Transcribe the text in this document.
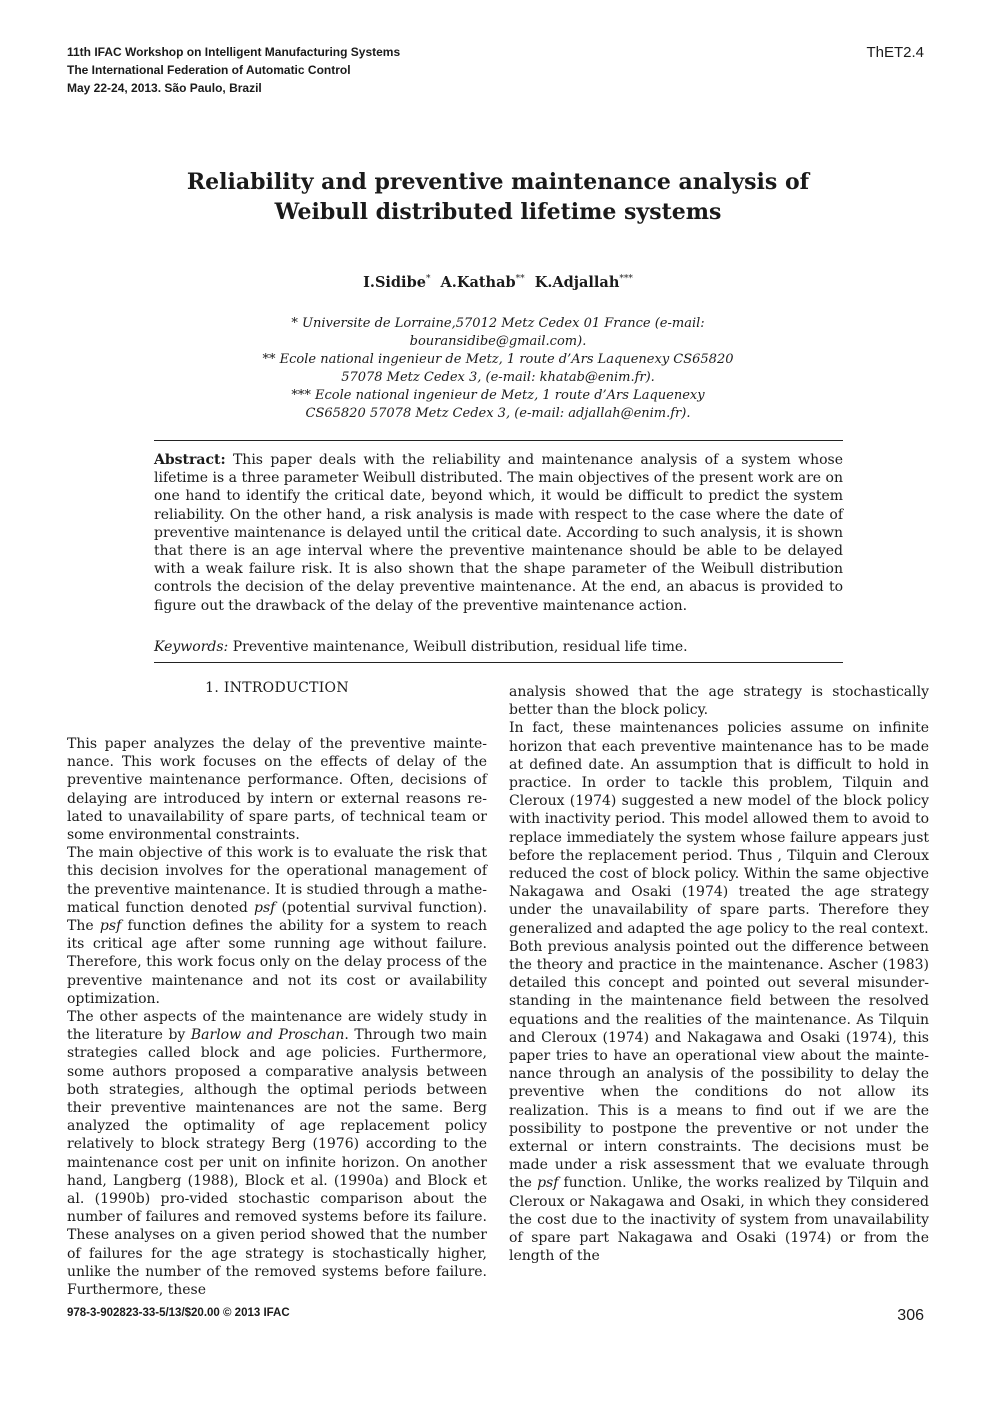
11th IFAC Workshop on Intelligent Manufacturing Systems
The International Federation of Automatic Control
May 22-24, 2013. São Paulo, Brazil
ThET2.4
Reliability and preventive maintenance analysis of Weibull distributed lifetime systems
I.Sidibe* A.Kathab** K.Adjallah***
* Universite de Lorraine,57012 Metz Cedex 01 France (e-mail:
bouransidibe@gmail.com).
** Ecole national ingenieur de Metz, 1 route d’Ars Laquenexy CS65820
57078 Metz Cedex 3, (e-mail: khatab@enim.fr).
*** Ecole national ingenieur de Metz, 1 route d’Ars Laquenexy
CS65820 57078 Metz Cedex 3, (e-mail: adjallah@enim.fr).
Abstract: This paper deals with the reliability and maintenance analysis of a system whose lifetime is a three parameter Weibull distributed. The main objectives of the present work are on one hand to identify the critical date, beyond which, it would be difficult to predict the system reliability. On the other hand, a risk analysis is made with respect to the case where the date of preventive maintenance is delayed until the critical date. According to such analysis, it is shown that there is an age interval where the preventive maintenance should be able to be delayed with a weak failure risk. It is also shown that the shape parameter of the Weibull distribution controls the decision of the delay preventive maintenance. At the end, an abacus is provided to figure out the drawback of the delay of the preventive maintenance action.
Keywords: Preventive maintenance, Weibull distribution, residual life time.
1. INTRODUCTION

This paper analyzes the delay of the preventive mainte-nance. This work focuses on the effects of delay of the preventive maintenance performance. Often, decisions of delaying are introduced by intern or external reasons re-lated to unavailability of spare parts, of technical team or some environmental constraints.

The main objective of this work is to evaluate the risk that this decision involves for the operational management of the preventive maintenance. It is studied through a mathe-matical function denoted psf (potential survival function). The psf function defines the ability for a system to reach its critical age after some running age without failure. Therefore, this work focus only on the delay process of the preventive maintenance and not its cost or availability optimization.

The other aspects of the maintenance are widely study in the literature by Barlow and Proschan. Through two main strategies called block and age policies. Furthermore, some authors proposed a comparative analysis between both strategies, although the optimal periods between their preventive maintenances are not the same. Berg analyzed the optimality of age replacement policy relatively to block strategy Berg (1976) according to the maintenance cost per unit on infinite horizon. On another hand, Langberg (1988), Block et al. (1990a) and Block et al. (1990b) pro-vided stochastic comparison about the number of failures and removed systems before its failure. These analyses on a given period showed that the number of failures for the age strategy is stochastically higher, unlike the number of the removed systems before failure. Furthermore, these

analysis showed that the age strategy is stochastically better than the block policy.

In fact, these maintenances policies assume on infinite horizon that each preventive maintenance has to be made at defined date. An assumption that is difficult to hold in practice. In order to tackle this problem, Tilquin and Cleroux (1974) suggested a new model of the block policy with inactivity period. This model allowed them to avoid to replace immediately the system whose failure appears just before the replacement period. Thus , Tilquin and Cleroux reduced the cost of block policy. Within the same objective Nakagawa and Osaki (1974) treated the age strategy under the unavailability of spare parts. Therefore they generalized and adapted the age policy to the real context.

Both previous analysis pointed out the difference between the theory and practice in the maintenance. Ascher (1983) detailed this concept and pointed out several misunder-standing in the maintenance field between the resolved equations and the realities of the maintenance. As Tilquin and Cleroux (1974) and Nakagawa and Osaki (1974), this paper tries to have an operational view about the mainte-nance through an analysis of the possibility to delay the preventive when the conditions do not allow its realization. This is a means to find out if we are the possibility to postpone the preventive or not under the external or intern constraints. The decisions must be made under a risk assessment that we evaluate through the psf function. Unlike, the works realized by Tilquin and Cleroux or Nakagawa and Osaki, in which they considered the cost due to the inactivity of system from unavailability of spare part Nakagawa and Osaki (1974) or from the length of the

978-3-902823-33-5/13/$20.00 © 2013 IFAC	306
